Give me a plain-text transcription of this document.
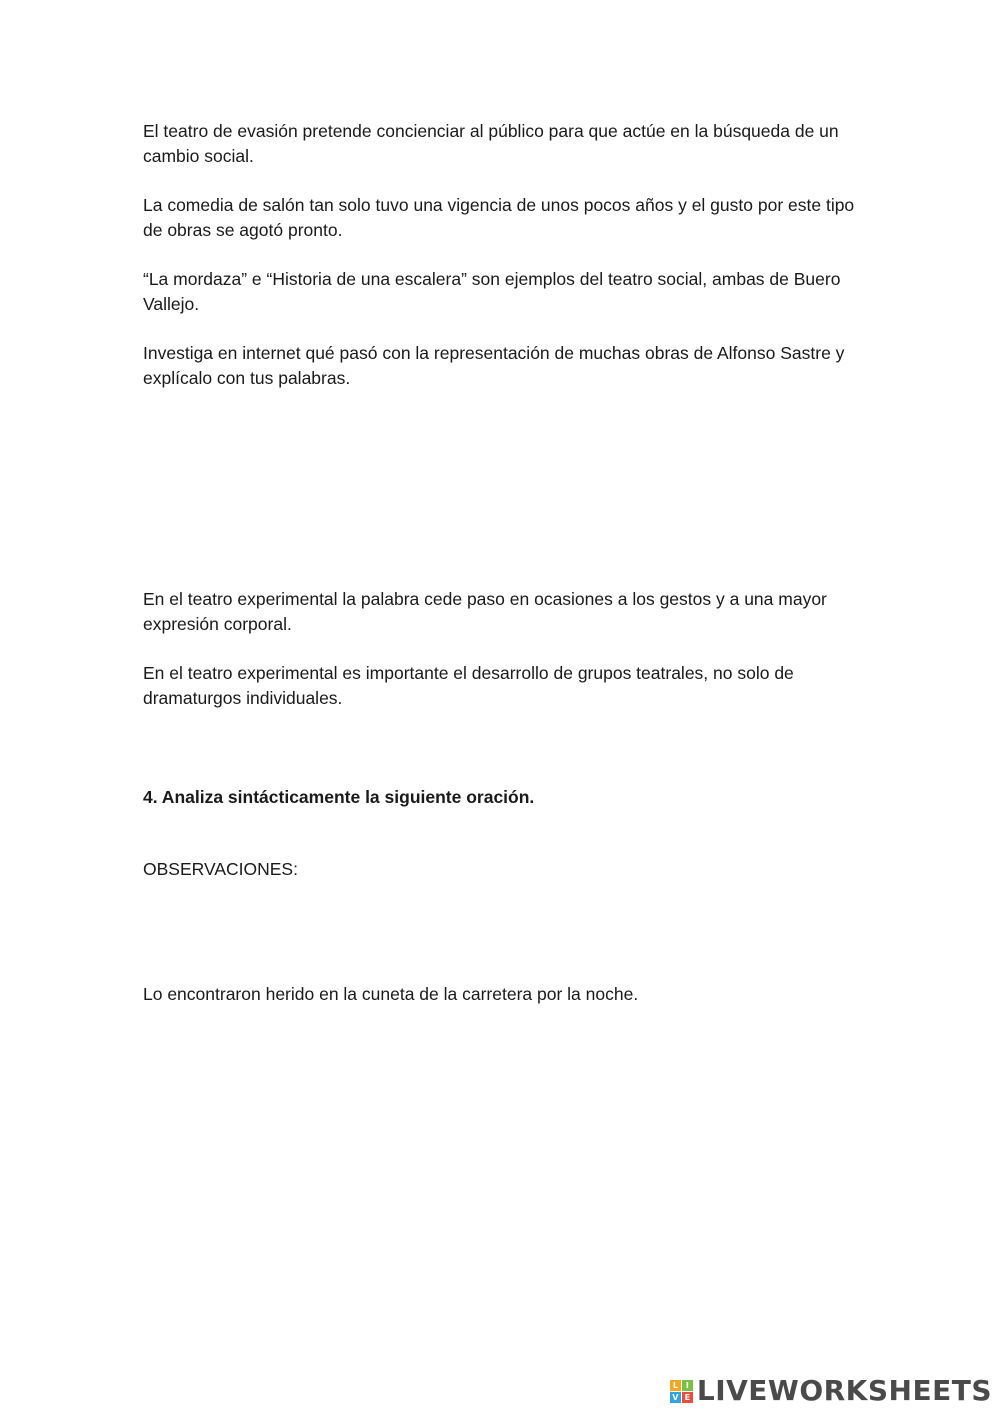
El teatro de evasión pretende concienciar al público para que actúe en la búsqueda de un cambio social.

La comedia de salón tan solo tuvo una vigencia de unos pocos años y el gusto por este tipo de obras se agotó pronto.

“La mordaza” e “Historia de una escalera” son ejemplos del teatro social, ambas de Buero Vallejo.

Investiga en internet qué pasó con la representación de muchas obras de Alfonso Sastre y explícalo con tus palabras.

En el teatro experimental la palabra cede paso en ocasiones a los gestos y a una mayor expresión corporal.

En el teatro experimental es importante el desarrollo de grupos teatrales, no solo de dramaturgos individuales.

4. Analiza sintácticamente la siguiente oración.

OBSERVACIONES:

Lo encontraron herido en la cuneta de la carretera por la noche.

L I
V E LIVEWORKSHEETS
